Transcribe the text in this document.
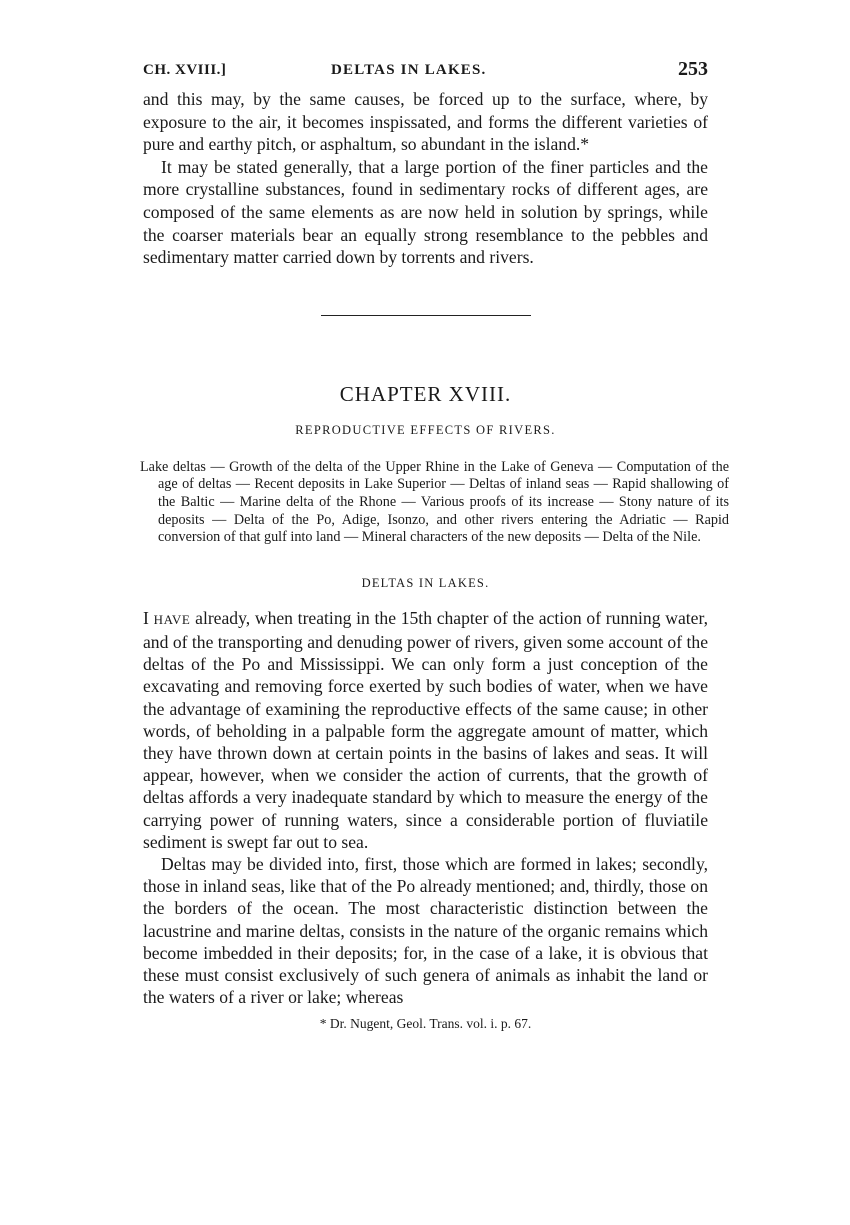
CH. XVIII.]	DELTAS IN LAKES.	253

and this may, by the same causes, be forced up to the surface, where, by exposure to the air, it becomes inspissated, and forms the different varieties of pure and earthy pitch, or asphaltum, so abundant in the island.*

It may be stated generally, that a large portion of the finer particles and the more crystalline substances, found in sedimentary rocks of different ages, are composed of the same elements as are now held in solution by springs, while the coarser materials bear an equally strong resemblance to the pebbles and sedimentary matter carried down by torrents and rivers.

CHAPTER XVIII.

REPRODUCTIVE EFFECTS OF RIVERS.

Lake deltas — Growth of the delta of the Upper Rhine in the Lake of Geneva — Computation of the age of deltas — Recent deposits in Lake Superior — Deltas of inland seas — Rapid shallowing of the Baltic — Marine delta of the Rhone — Various proofs of its increase — Stony nature of its deposits — Delta of the Po, Adige, Isonzo, and other rivers entering the Adriatic — Rapid conversion of that gulf into land — Mineral characters of the new deposits — Delta of the Nile.

DELTAS IN LAKES.

I HAVE already, when treating in the 15th chapter of the action of running water, and of the transporting and denuding power of rivers, given some account of the deltas of the Po and Mississippi. We can only form a just conception of the excavating and removing force exerted by such bodies of water, when we have the advantage of examining the reproductive effects of the same cause; in other words, of beholding in a palpable form the aggregate amount of matter, which they have thrown down at certain points in the basins of lakes and seas. It will appear, however, when we consider the action of currents, that the growth of deltas affords a very inadequate standard by which to measure the energy of the carrying power of running waters, since a considerable portion of fluviatile sediment is swept far out to sea.

Deltas may be divided into, first, those which are formed in lakes; secondly, those in inland seas, like that of the Po already mentioned; and, thirdly, those on the borders of the ocean. The most characteristic distinction between the lacustrine and marine deltas, consists in the nature of the organic remains which become imbedded in their deposits; for, in the case of a lake, it is obvious that these must consist exclusively of such genera of animals as inhabit the land or the waters of a river or lake; whereas

* Dr. Nugent, Geol. Trans. vol. i. p. 67.
